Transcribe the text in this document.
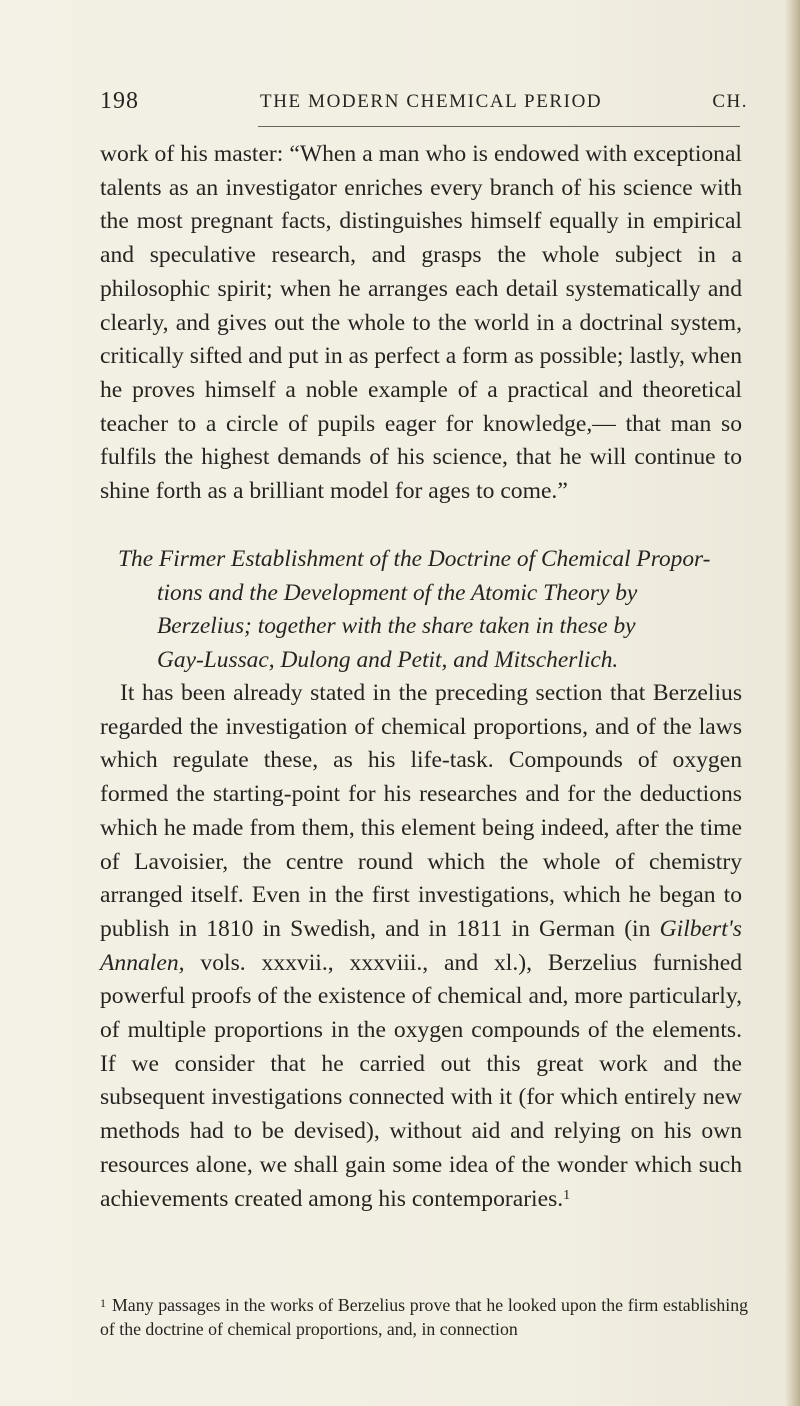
198	THE MODERN CHEMICAL PERIOD	CH.

work of his master: “When a man who is endowed with exceptional talents as an investigator enriches every branch of his science with the most pregnant facts, distinguishes himself equally in empirical and speculative research, and grasps the whole subject in a philosophic spirit; when he arranges each detail systematically and clearly, and gives out the whole to the world in a doctrinal system, critically sifted and put in as perfect a form as possible; lastly, when he proves himself a noble example of a practical and theoretical teacher to a circle of pupils eager for knowledge,— that man so fulfils the highest demands of his science, that he will continue to shine forth as a brilliant model for ages to come.”

The Firmer Establishment of the Doctrine of Chemical Propor-
tions and the Development of the Atomic Theory by
Berzelius; together with the share taken in these by
Gay-Lussac, Dulong and Petit, and Mitscherlich.

It has been already stated in the preceding section that Berzelius regarded the investigation of chemical proportions, and of the laws which regulate these, as his life-task. Compounds of oxygen formed the starting-point for his researches and for the deductions which he made from them, this element being indeed, after the time of Lavoisier, the centre round which the whole of chemistry arranged itself. Even in the first investigations, which he began to publish in 1810 in Swedish, and in 1811 in German (in Gilbert's Annalen, vols. xxxvii., xxxviii., and xl.), Berzelius furnished powerful proofs of the existence of chemical and, more particularly, of multiple proportions in the oxygen compounds of the elements. If we consider that he carried out this great work and the subsequent investigations connected with it (for which entirely new methods had to be devised), without aid and relying on his own resources alone, we shall gain some idea of the wonder which such achievements created among his contemporaries.$^1$

$^1$ Many passages in the works of Berzelius prove that he looked upon the firm establishing of the doctrine of chemical proportions, and, in connection
